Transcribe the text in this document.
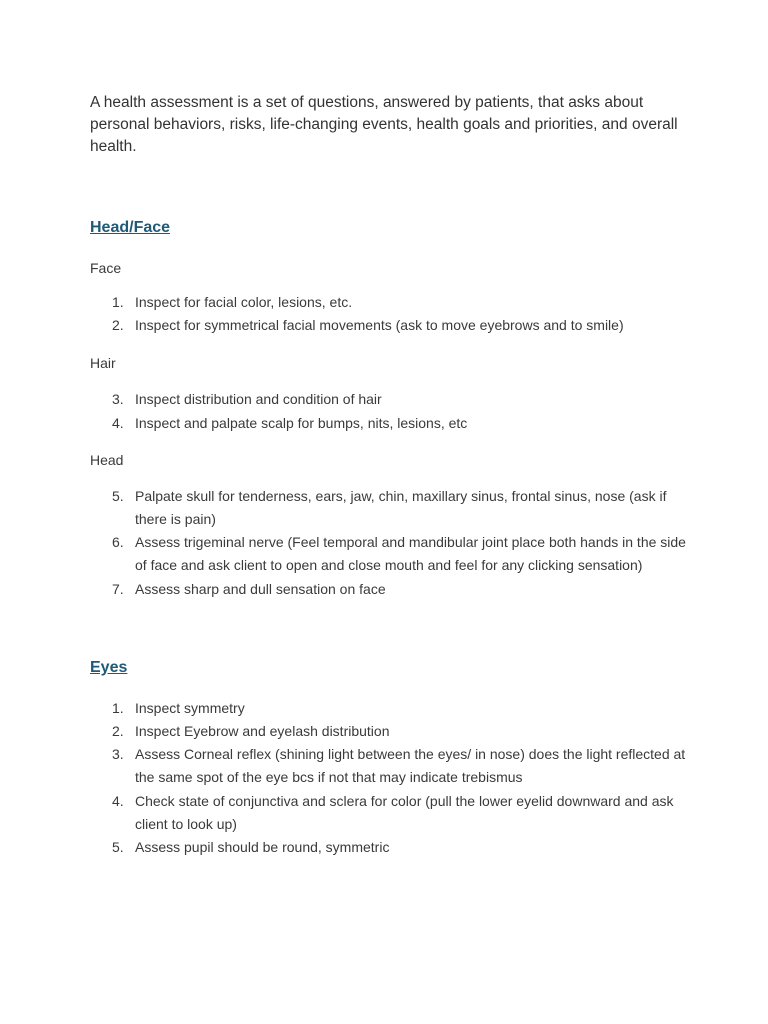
A health assessment is a set of questions, answered by patients, that asks about personal behaviors, risks, life-changing events, health goals and priorities, and overall health.

Head/Face

Face

1. Inspect for facial color, lesions, etc.
2. Inspect for symmetrical facial movements (ask to move eyebrows and to smile)

Hair

3. Inspect distribution and condition of hair
4. Inspect and palpate scalp for bumps, nits, lesions, etc

Head

5. Palpate skull for tenderness, ears, jaw, chin, maxillary sinus, frontal sinus, nose (ask if there is pain)
6. Assess trigeminal nerve (Feel temporal and mandibular joint place both hands in the side of face and ask client to open and close mouth and feel for any clicking sensation)
7. Assess sharp and dull sensation on face
Eyes
1. Inspect symmetry
2. Inspect Eyebrow and eyelash distribution
3. Assess Corneal reflex (shining light between the eyes/ in nose) does the light reflected at the same spot of the eye bcs if not that may indicate trebismus
4. Check state of conjunctiva and sclera for color (pull the lower eyelid downward and ask client to look up)
5. Assess pupil should be round, symmetric
